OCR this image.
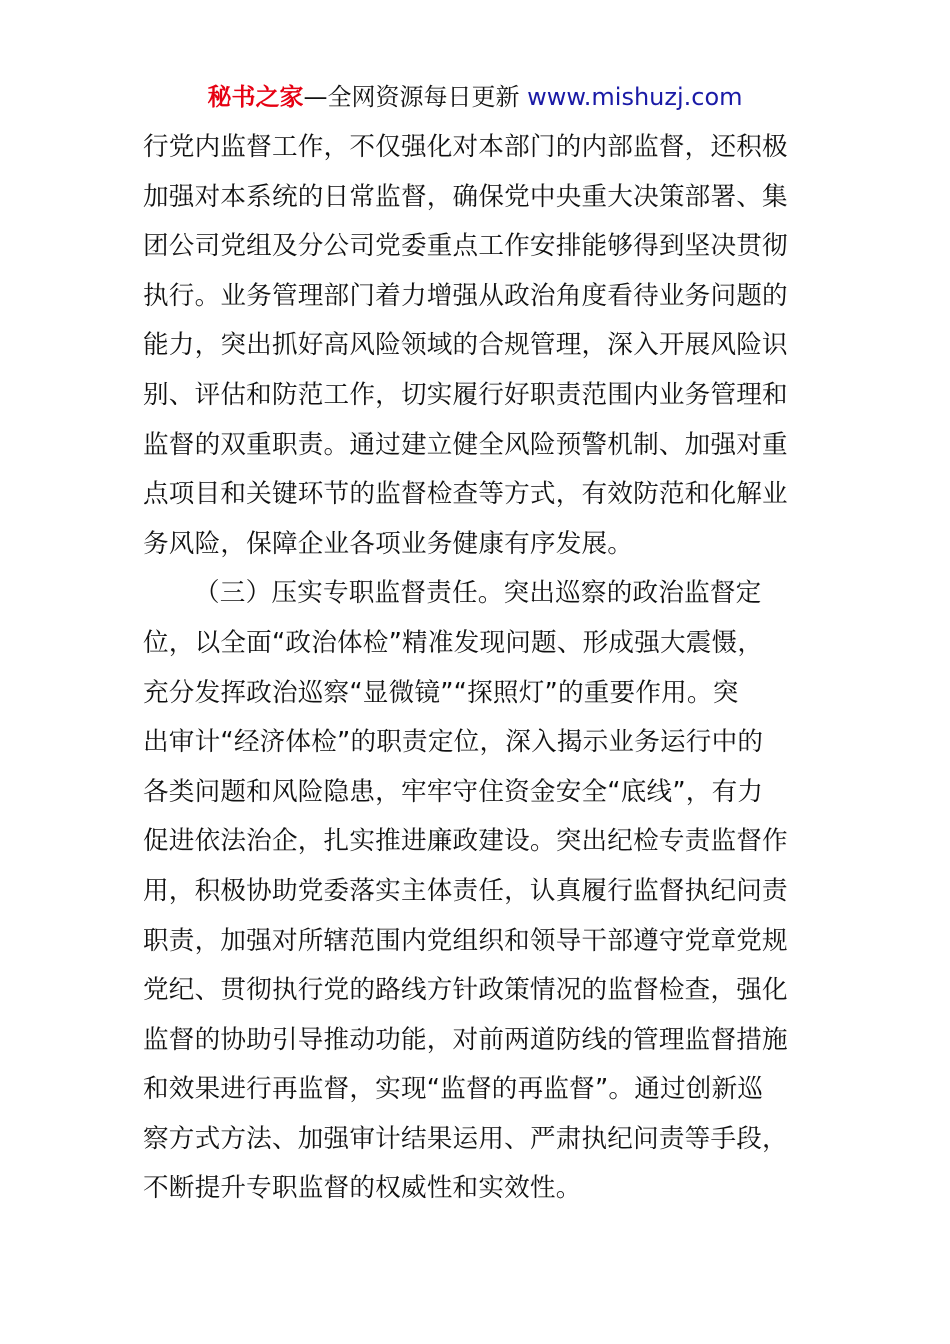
秘书之家—全网资源每日更新 www.mishuzj.com
行党内监督工作，不仅强化对本部门的内部监督，还积极
加强对本系统的日常监督，确保党中央重大决策部署、集
团公司党组及分公司党委重点工作安排能够得到坚决贯彻
执行。业务管理部门着力增强从政治角度看待业务问题的
能力，突出抓好高风险领域的合规管理，深入开展风险识
别、评估和防范工作，切实履行好职责范围内业务管理和
监督的双重职责。通过建立健全风险预警机制、加强对重
点项目和关键环节的监督检查等方式，有效防范和化解业
务风险，保障企业各项业务健康有序发展。
（三）压实专职监督责任。突出巡察的政治监督定
位，以全面“政治体检”精准发现问题、形成强大震慑，
充分发挥政治巡察“显微镜”“探照灯”的重要作用。突
出审计“经济体检”的职责定位，深入揭示业务运行中的
各类问题和风险隐患，牢牢守住资金安全“底线”，有力
促进依法治企，扎实推进廉政建设。突出纪检专责监督作
用，积极协助党委落实主体责任，认真履行监督执纪问责
职责，加强对所辖范围内党组织和领导干部遵守党章党规
党纪、贯彻执行党的路线方针政策情况的监督检查，强化
监督的协助引导推动功能，对前两道防线的管理监督措施
和效果进行再监督，实现“监督的再监督”。通过创新巡
察方式方法、加强审计结果运用、严肃执纪问责等手段，
不断提升专职监督的权威性和实效性。
